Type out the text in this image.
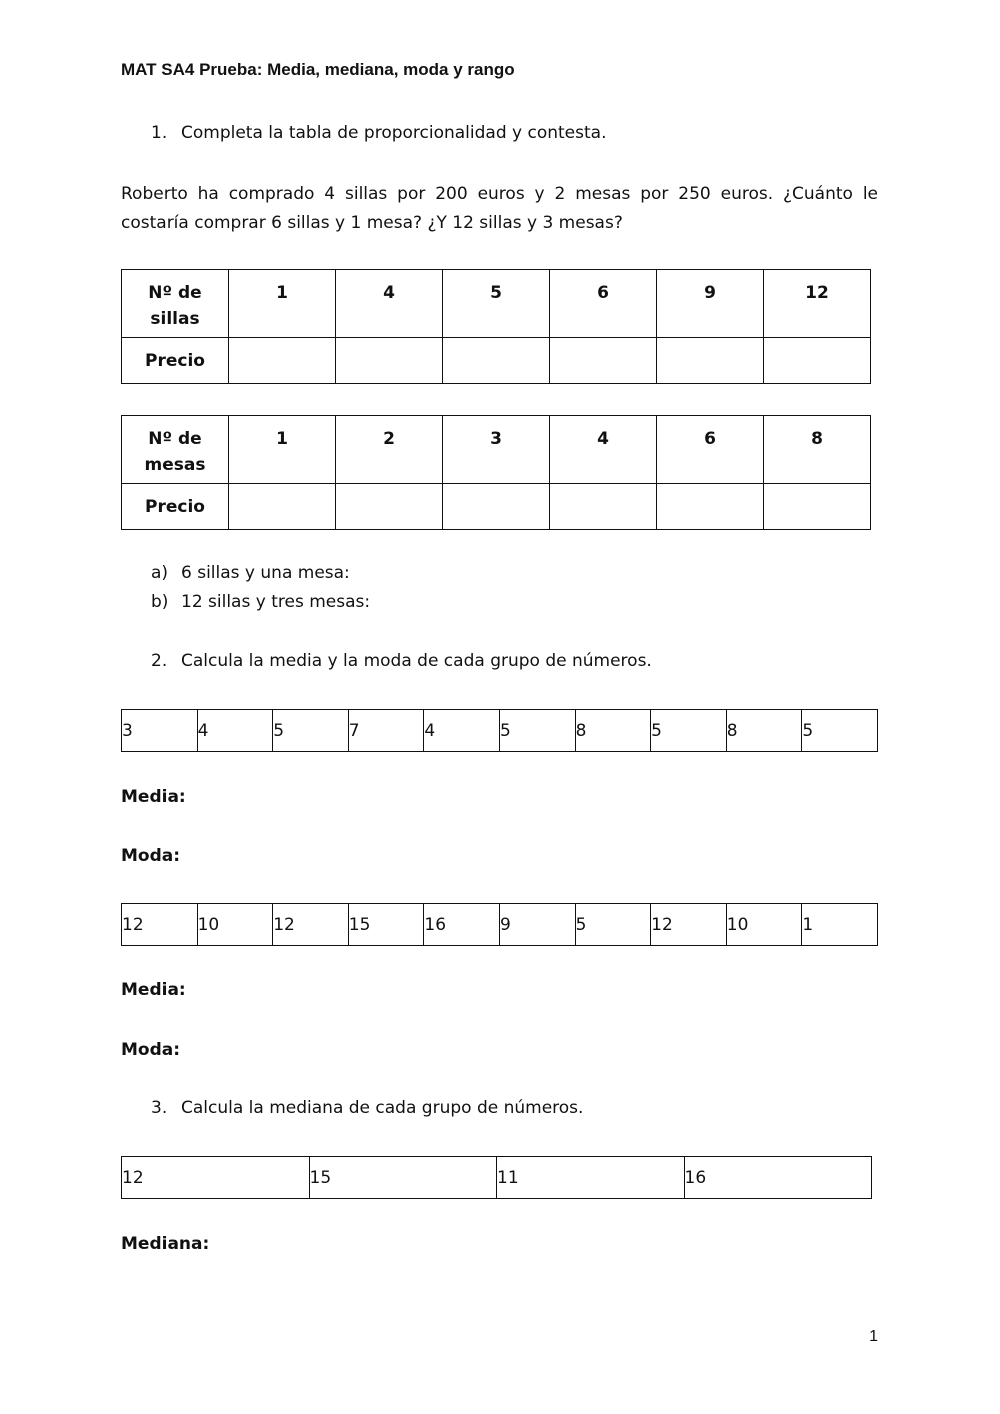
MAT SA4 Prueba: Media, mediana, moda y rango
1. Completa la tabla de proporcionalidad y contesta.
Roberto ha comprado 4 sillas por 200 euros y 2 mesas por 250 euros. ¿Cuánto le costaría comprar 6 sillas y 1 mesa? ¿Y 12 sillas y 3 mesas?
Nº de sillas	1	4	5	6	9	12
Precio						
Nº de mesas	1	2	3	4	6	8
Precio						
a) 6 sillas y una mesa:
b) 12 sillas y tres mesas:
2. Calcula la media y la moda de cada grupo de números.
3	4	5	7	4	5	8	5	8	5
Media:
Moda:
12	10	12	15	16	9	5	12	10	1
Media:
Moda:
3. Calcula la mediana de cada grupo de números.
12	15	11	16
Mediana:
1
